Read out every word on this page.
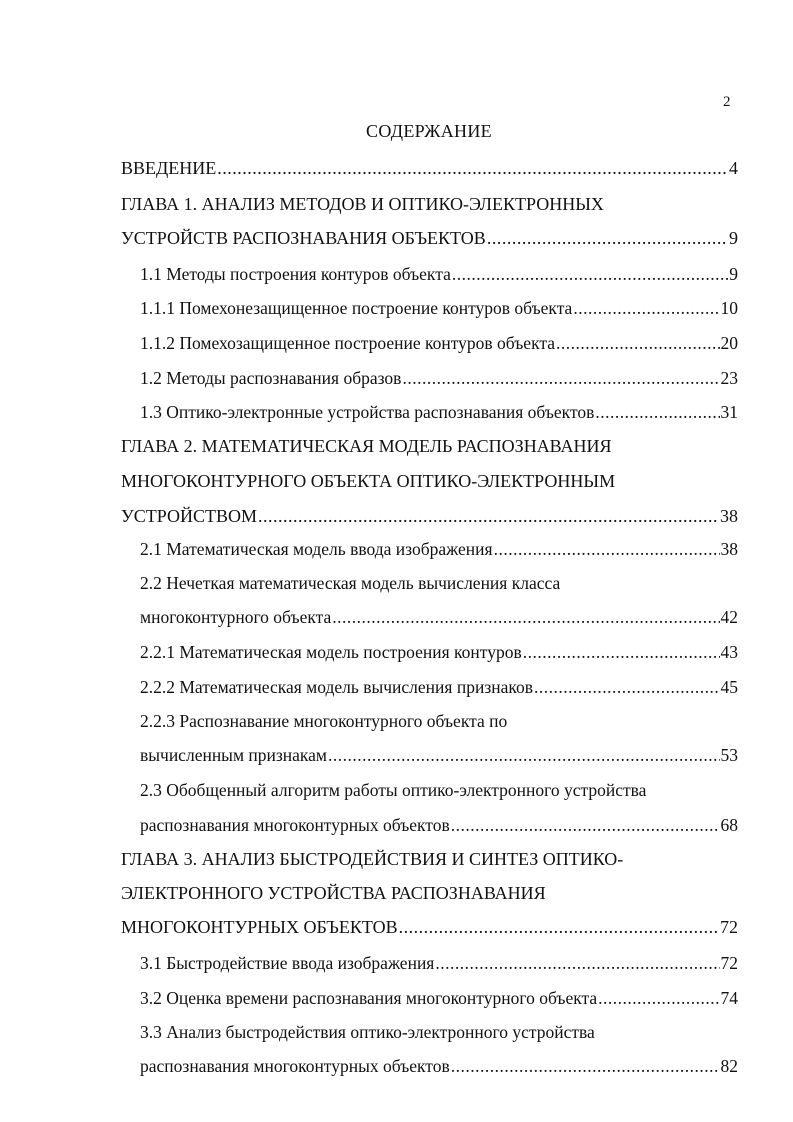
2
СОДЕРЖАНИЕ
ВВЕДЕНИЕ .....	4
ГЛАВА 1. АНАЛИЗ МЕТОДОВ И ОПТИКО-ЭЛЕКТРОННЫХ
УСТРОЙСТВ РАСПОЗНАВАНИЯ ОБЪЕКТОВ .....	9
1.1 Методы построения контуров объекта .....	9
1.1.1 Помехонезащищенное построение контуров объекта .....	10
1.1.2 Помехозащищенное построение контуров объекта .....	20
1.2 Методы распознавания образов .....	23
1.3 Оптико-электронные устройства распознавания объектов .....	31
ГЛАВА 2. МАТЕМАТИЧЕСКАЯ МОДЕЛЬ РАСПОЗНАВАНИЯ
МНОГОКОНТУРНОГО ОБЪЕКТА ОПТИКО-ЭЛЕКТРОННЫМ
УСТРОЙСТВОМ .....	38
2.1 Математическая модель ввода изображения .....	38
2.2 Нечеткая математическая модель вычисления класса
многоконтурного объекта .....	42
2.2.1 Математическая модель построения контуров .....	43
2.2.2 Математическая модель вычисления признаков .....	45
2.2.3 Распознавание многоконтурного объекта по
вычисленным признакам .....	53
2.3 Обобщенный алгоритм работы оптико-электронного устройства
распознавания многоконтурных объектов .....	68
ГЛАВА 3. АНАЛИЗ БЫСТРОДЕЙСТВИЯ И СИНТЕЗ ОПТИКО-
ЭЛЕКТРОННОГО УСТРОЙСТВА РАСПОЗНАВАНИЯ
МНОГОКОНТУРНЫХ ОБЪЕКТОВ .....	72
3.1 Быстродействие ввода изображения .....	72
3.2 Оценка времени распознавания многоконтурного объекта .....	74
3.3 Анализ быстродействия оптико-электронного устройства
распознавания многоконтурных объектов .....	82
